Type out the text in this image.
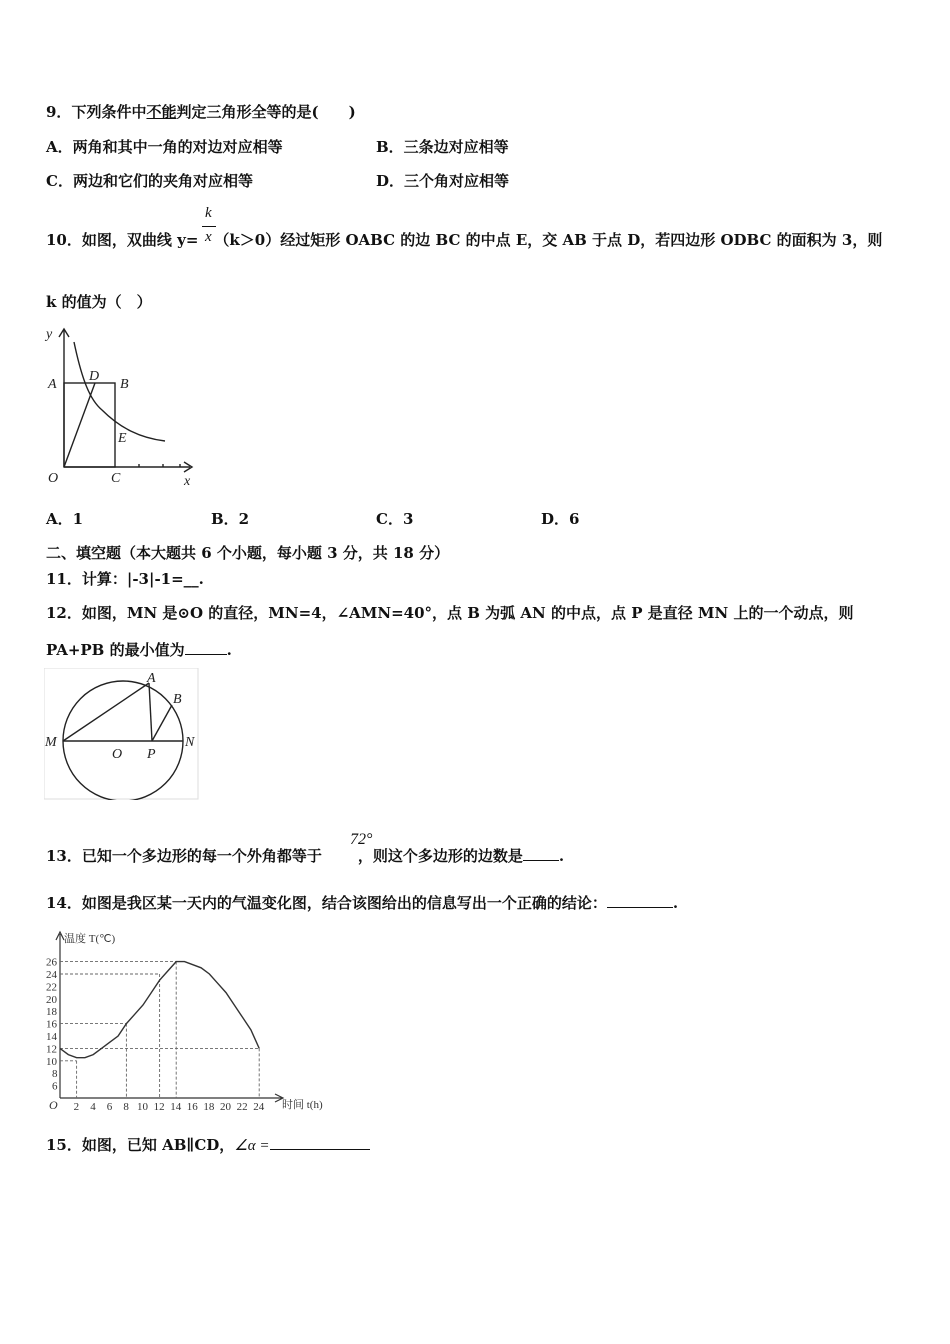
9．下列条件中不能判定三角形全等的是(　　)
A．两角和其中一角的对边对应相等	B．三条边对应相等
C．两边和它们的夹角对应相等	D．三个角对应相等
10．如图，双曲线 y= （k＞0）经过矩形 OABC 的边 BC 的中点 E，交 AB 于点 D，若四边形 ODBC 的面积为 3，则
k
x
k 的值为（　）
y
x
O
A	B
C
D
E
A．1	B．2	C．3	D．6
二、填空题（本大题共 6 个小题，每小题 3 分，共 18 分）
11．计算：|-3|-1=__.
12．如图，MN 是⊙O 的直径，MN=4，∠AMN=40°，点 B 为弧 AN 的中点，点 P 是直径 MN 上的一个动点，则
PA+PB 的最小值为	.
M	N
O P
A
B
13．已知一个多边形的每一个外角都等于 ，则这个多边形的边数是 .
72°
14．如图是我区某一天内的气温变化图，结合该图给出的信息写出一个正确的结论：	.
2 4 6 8 10 12 14 16 18 20 22 24
6
8
10
12
14
16
18
20
22
24
26
温度 T(℃)
时间 t(h)
O
15．如图，已知 AB∥CD，∠α =
